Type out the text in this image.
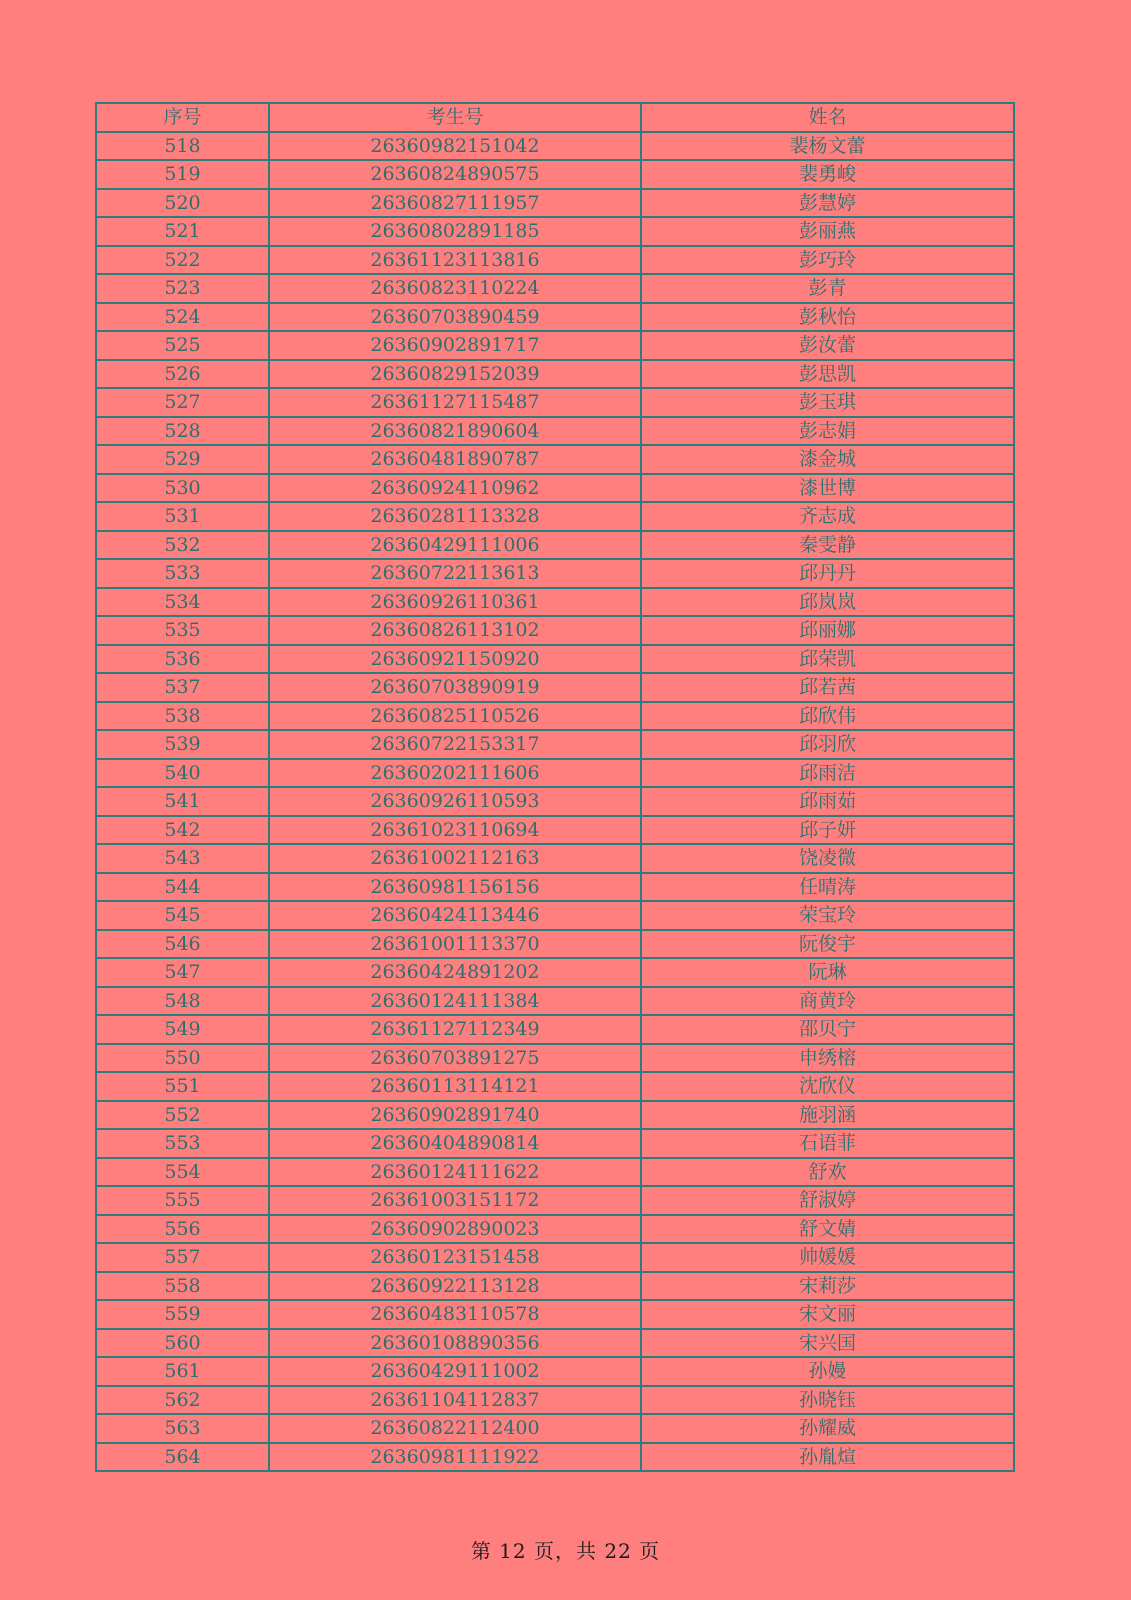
序号	考生号	姓名
518	26360982151042	裴杨文蕾
519	26360824890575	裴勇峻
520	26360827111957	彭慧婷
521	26360802891185	彭丽燕
522	26361123113816	彭巧玲
523	26360823110224	彭青
524	26360703890459	彭秋怡
525	26360902891717	彭汝蕾
526	26360829152039	彭思凯
527	26361127115487	彭玉琪
528	26360821890604	彭志娟
529	26360481890787	漆金城
530	26360924110962	漆世博
531	26360281113328	齐志成
532	26360429111006	秦雯静
533	26360722113613	邱丹丹
534	26360926110361	邱岚岚
535	26360826113102	邱丽娜
536	26360921150920	邱荣凯
537	26360703890919	邱若茜
538	26360825110526	邱欣伟
539	26360722153317	邱羽欣
540	26360202111606	邱雨洁
541	26360926110593	邱雨茹
542	26361023110694	邱子妍
543	26361002112163	饶凌微
544	26360981156156	任晴涛
545	26360424113446	荣宝玲
546	26361001113370	阮俊宇
547	26360424891202	阮琳
548	26360124111384	商黄玲
549	26361127112349	邵贝宁
550	26360703891275	申绣榕
551	26360113114121	沈欣仪
552	26360902891740	施羽涵
553	26360404890814	石语菲
554	26360124111622	舒欢
555	26361003151172	舒淑婷
556	26360902890023	舒文婧
557	26360123151458	帅媛媛
558	26360922113128	宋莉莎
559	26360483110578	宋文丽
560	26360108890356	宋兴国
561	26360429111002	孙嫚
562	26361104112837	孙晓钰
563	26360822112400	孙耀威
564	26360981111922	孙胤煊
第 12 页，共 22 页
